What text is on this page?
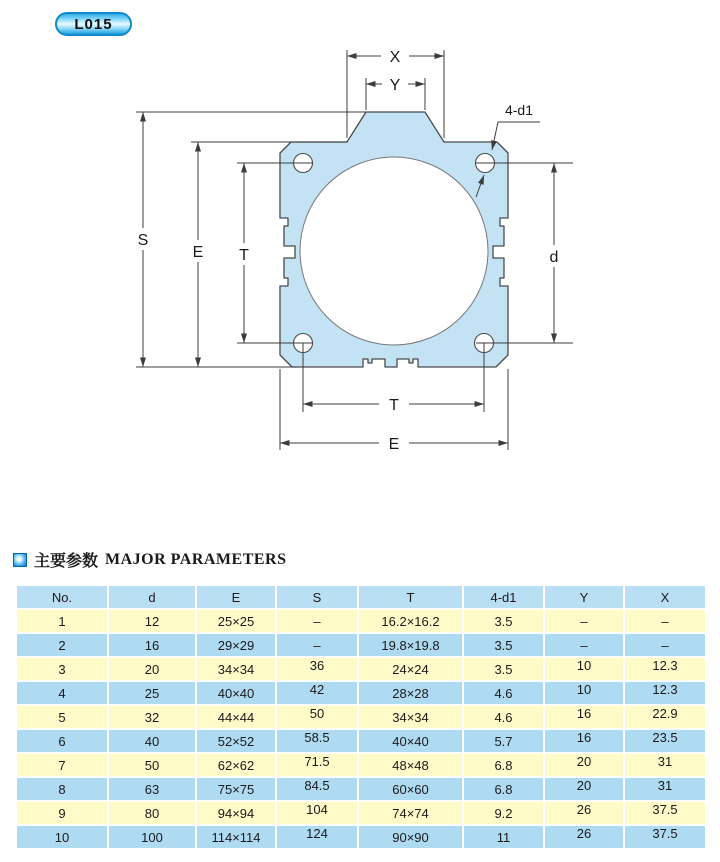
L015
X
Y
S
E T	d
T
E
4-d1
主要参数 MAJOR PARAMETERS
No.	d	E	S	T	4-d1	Y	X
1	12	25×25	–	16.2×16.2	3.5	–	–
2	16	29×29	–	19.8×19.8	3.5	–	–
3	20	34×34	36	24×24	3.5	10	12.3
4	25	40×40	42	28×28	4.6	10	12.3
5	32	44×44	50	34×34	4.6	16	22.9
6	40	52×52	58.5	40×40	5.7	16	23.5
7	50	62×62	71.5	48×48	6.8	20	31
8	63	75×75	84.5	60×60	6.8	20	31
9	80	94×94	104	74×74	9.2	26	37.5
10	100	114×114	124	90×90	11	26	37.5
